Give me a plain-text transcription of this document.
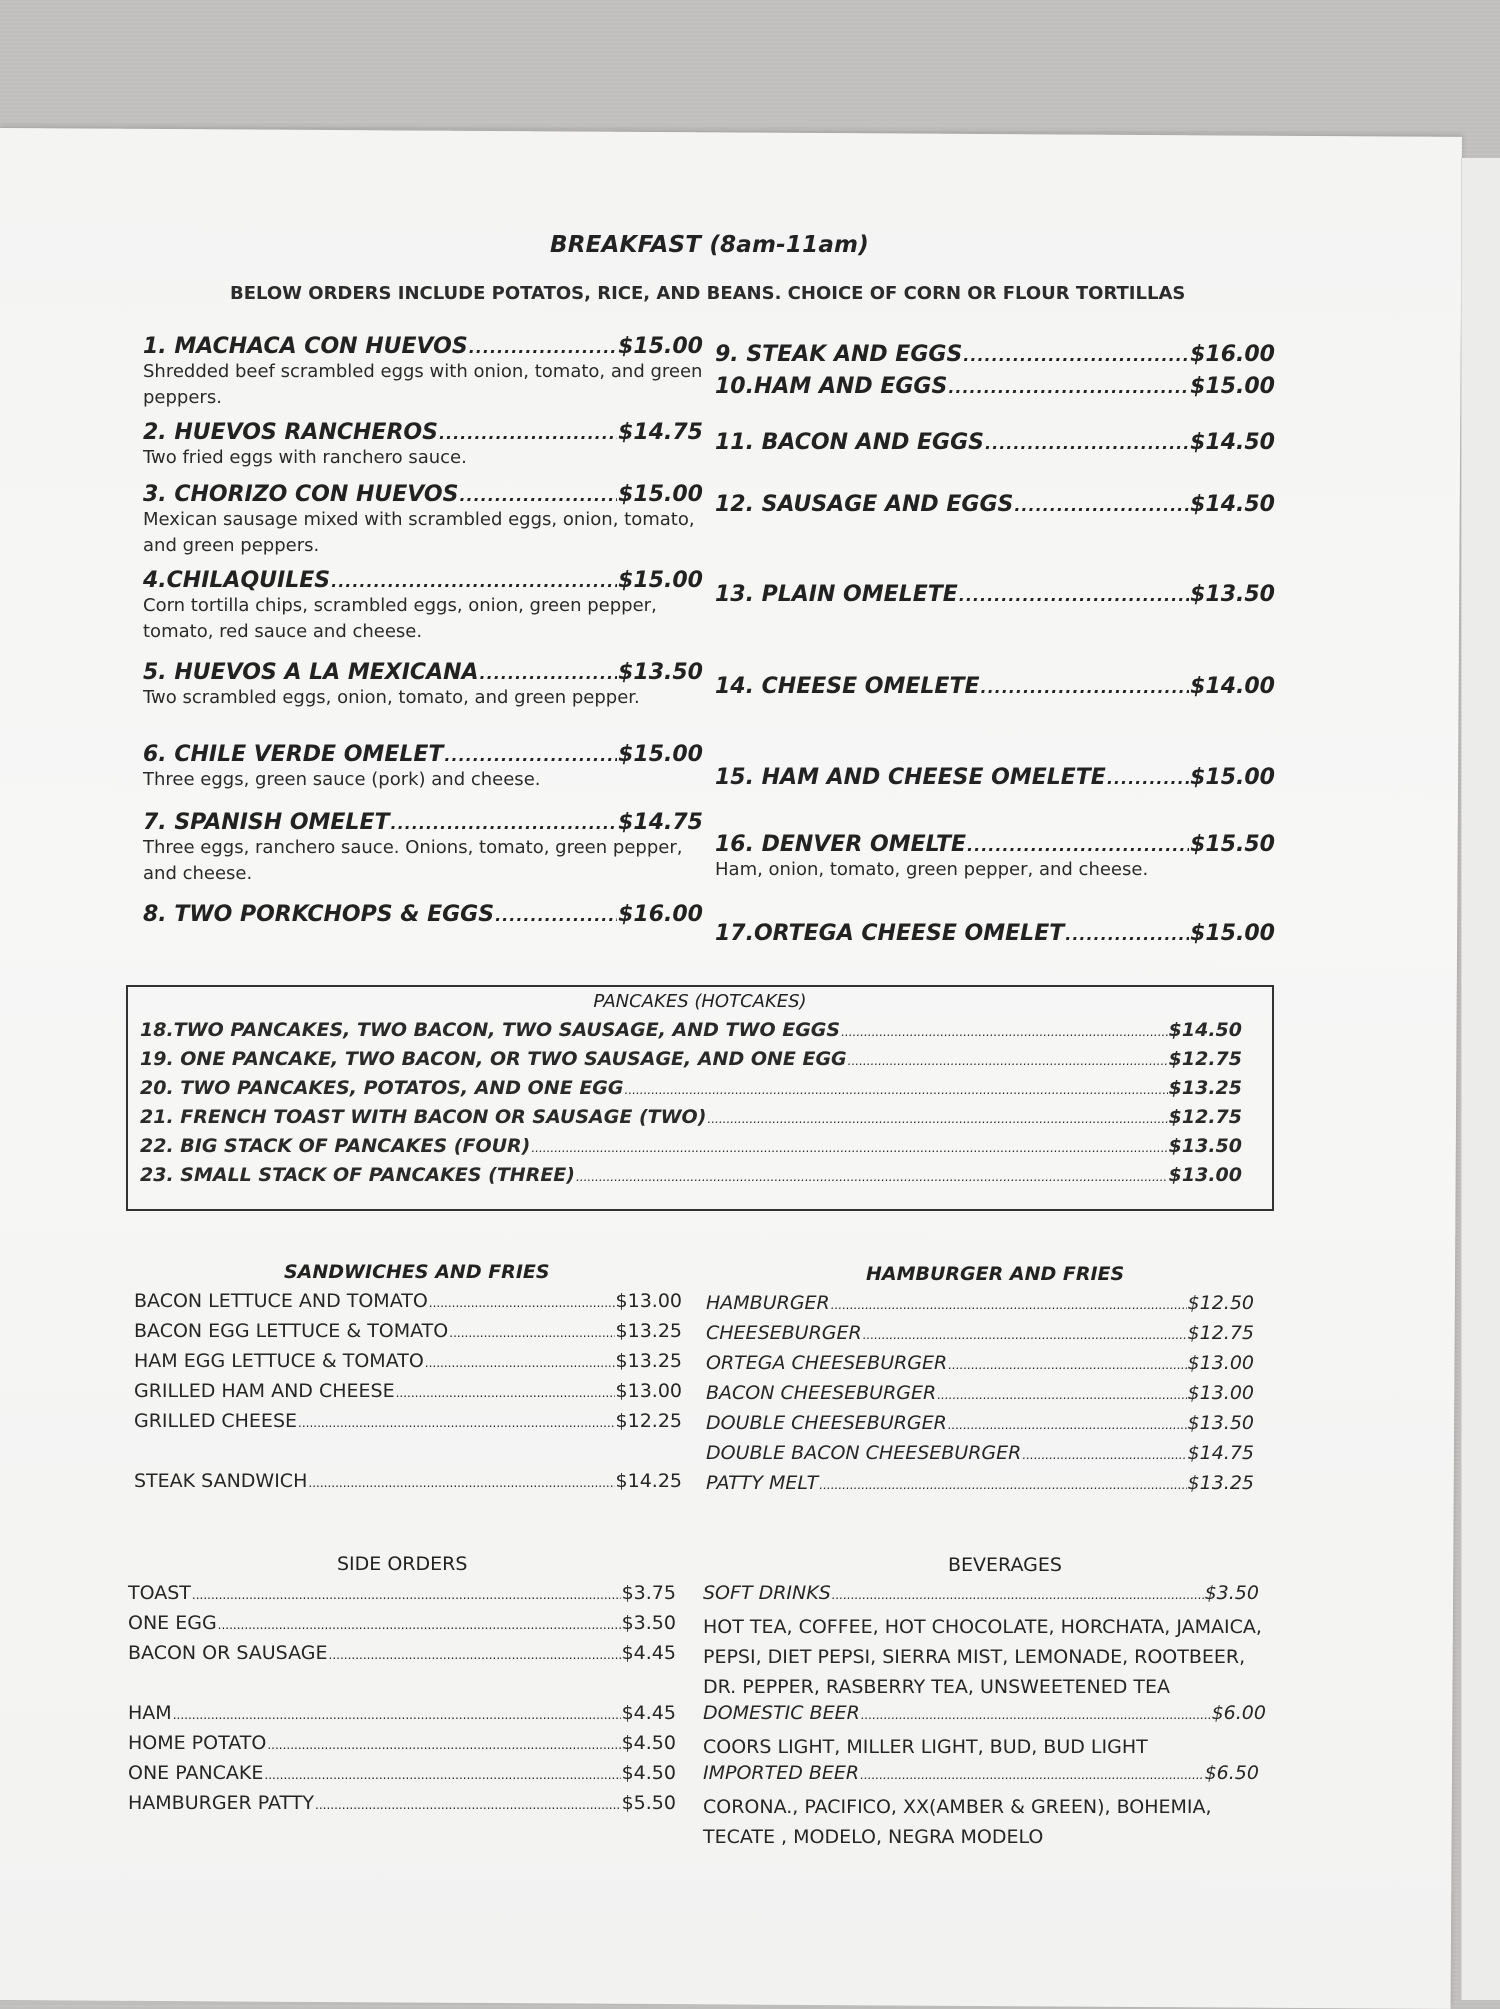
BREAKFAST (8am-11am)
BELOW ORDERS INCLUDE POTATOS, RICE, AND BEANS. CHOICE OF CORN OR FLOUR TORTILLAS
1. MACHACA CON HUEVOS .....	$15.00
Shredded beef scrambled eggs with onion, tomato, and green peppers.
2. HUEVOS RANCHEROS .....	$14.75
Two fried eggs with ranchero sauce.
3. CHORIZO CON HUEVOS .....	$15.00
Mexican sausage mixed with scrambled eggs, onion, tomato, and green peppers.
4.CHILAQUILES .....	$15.00
Corn tortilla chips, scrambled eggs, onion, green pepper, tomato, red sauce and cheese.
5. HUEVOS A LA MEXICANA .....	$13.50
Two scrambled eggs, onion, tomato, and green pepper.
6. CHILE VERDE OMELET .....	$15.00
Three eggs, green sauce (pork) and cheese.
7. SPANISH OMELET .....	$14.75
Three eggs, ranchero sauce. Onions, tomato, green pepper, and cheese.
8. TWO PORKCHOPS & EGGS .....	$16.00
9. STEAK AND EGGS .....	$16.00
10.HAM AND EGGS .....	$15.00
11. BACON AND EGGS .....	$14.50
12. SAUSAGE AND EGGS .....	$14.50
13. PLAIN OMELETE .....	$13.50
14. CHEESE OMELETE .....	$14.00
15. HAM AND CHEESE OMELETE .....	$15.00
16. DENVER OMELTE .....	$15.50
Ham, onion, tomato, green pepper, and cheese.
17.ORTEGA CHEESE OMELET .....	$15.00
PANCAKES (HOTCAKES)
18.TWO PANCAKES, TWO BACON, TWO SAUSAGE, AND TWO EGGS .....	$14.50
19. ONE PANCAKE, TWO BACON, OR TWO SAUSAGE, AND ONE EGG .....	$12.75
20. TWO PANCAKES, POTATOS, AND ONE EGG .....	$13.25
21. FRENCH TOAST WITH BACON OR SAUSAGE (TWO) .....	$12.75
22. BIG STACK OF PANCAKES (FOUR) .....	$13.50
23. SMALL STACK OF PANCAKES (THREE) .....	$13.00
SANDWICHES AND FRIES
BACON LETTUCE AND TOMATO .....	$13.00
BACON EGG LETTUCE & TOMATO .....	$13.25
HAM EGG LETTUCE & TOMATO .....	$13.25
GRILLED HAM AND CHEESE .....	$13.00
GRILLED CHEESE .....	$12.25
STEAK SANDWICH .....	$14.25
HAMBURGER AND FRIES
HAMBURGER .....	$12.50
CHEESEBURGER .....	$12.75
ORTEGA CHEESEBURGER .....	$13.00
BACON CHEESEBURGER .....	$13.00
DOUBLE CHEESEBURGER .....	$13.50
DOUBLE BACON CHEESEBURGER .....	$14.75
PATTY MELT .....	$13.25
SIDE ORDERS
TOAST .....	$3.75
ONE EGG .....	$3.50
BACON OR SAUSAGE .....	$4.45
HAM .....	$4.45
HOME POTATO .....	$4.50
ONE PANCAKE .....	$4.50
HAMBURGER PATTY .....	$5.50
BEVERAGES
SOFT DRINKS .....	$3.50
HOT TEA, COFFEE, HOT CHOCOLATE, HORCHATA, JAMAICA,
PEPSI, DIET PEPSI, SIERRA MIST, LEMONADE, ROOTBEER,
DR. PEPPER, RASBERRY TEA, UNSWEETENED TEA
DOMESTIC BEER .....	$6.00
COORS LIGHT, MILLER LIGHT, BUD, BUD LIGHT
IMPORTED BEER .....	$6.50
CORONA., PACIFICO, XX(AMBER & GREEN), BOHEMIA,
TECATE , MODELO, NEGRA MODELO
